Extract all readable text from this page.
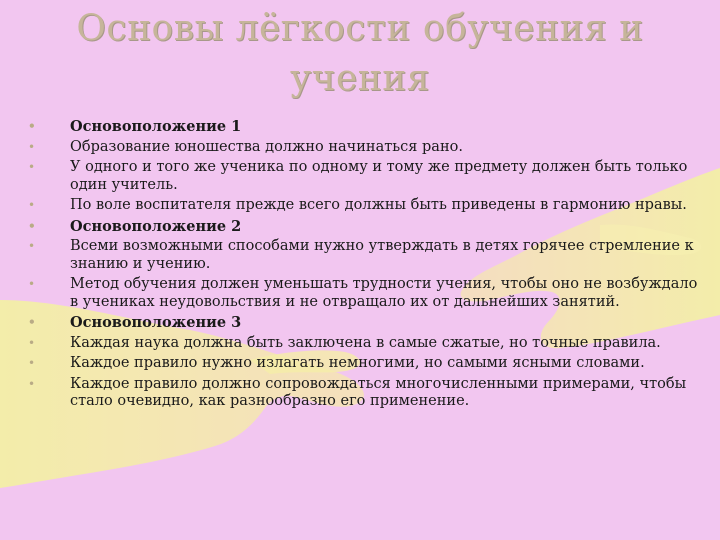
Основы лёгкости обучения и
учения
• Основоположение 1
• Образование юношества должно начинаться рано.
• У одного и того же ученика по одному и тому же предмету должен быть только один учитель.
• По воле воспитателя прежде всего должны быть приведены в гармонию нравы.
• Основоположение 2
• Всеми возможными способами нужно утверждать в детях горячее стремление к знанию и учению.
• Метод обучения должен уменьшать трудности учения, чтобы оно не возбуждало в учениках неудовольствия и не отвращало их от дальнейших занятий.
• Основоположение 3
• Каждая наука должна быть заключена в самые сжатые, но точные правила.
• Каждое правило нужно излагать немногими, но самыми ясными словами.
• Каждое правило должно сопровождаться многочисленными примерами, чтобы стало очевидно, как разнообразно его применение.
